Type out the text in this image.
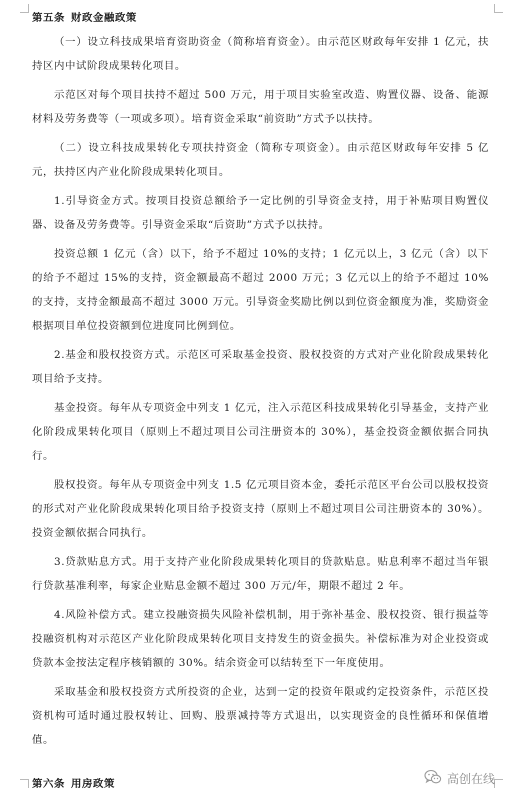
第五条 财政金融政策

（一）设立科技成果培育资助资金（简称培育资金）。由示范区财政每年安排 1 亿元，扶持区内中试阶段成果转化项目。

示范区对每个项目扶持不超过 500 万元，用于项目实验室改造、购置仪器、设备、能源材料及劳务费等（一项或多项）。培育资金采取“前资助”方式予以扶持。

（二）设立科技成果转化专项扶持资金（简称专项资金）。由示范区财政每年安排 5 亿元，扶持区内产业化阶段成果转化项目。

1.引导资金方式。按项目投资总额给予一定比例的引导资金支持，用于补贴项目购置仪器、设备及劳务费等。引导资金采取“后资助”方式予以扶持。

投资总额 1 亿元（含）以下，给予不超过 10%的支持；1 亿元以上，3 亿元（含）以下的给予不超过 15%的支持，资金额最高不超过 2000 万元；3 亿元以上的给予不超过 10%的支持，支持金额最高不超过 3000 万元。引导资金奖励比例以到位资金额度为准，奖励资金根据项目单位投资额到位进度同比例到位。

2.基金和股权投资方式。示范区可采取基金投资、股权投资的方式对产业化阶段成果转化项目给予支持。

基金投资。每年从专项资金中列支 1 亿元，注入示范区科技成果转化引导基金，支持产业化阶段成果转化项目（原则上不超过项目公司注册资本的 30%），基金投资金额依据合同执行。

股权投资。每年从专项资金中列支 1.5 亿元项目资本金，委托示范区平台公司以股权投资的形式对产业化阶段成果转化项目给予投资支持（原则上不超过项目公司注册资本的 30%）。投资金额依据合同执行。

3.贷款贴息方式。用于支持产业化阶段成果转化项目的贷款贴息。贴息利率不超过当年银行贷款基准利率，每家企业贴息金额不超过 300 万元/年，期限不超过 2 年。

4.风险补偿方式。建立投融资损失风险补偿机制，用于弥补基金、股权投资、银行损益等投融资机构对示范区产业化阶段成果转化项目支持发生的资金损失。补偿标准为对企业投资或贷款本金按法定程序核销额的 30%。结余资金可以结转至下一年度使用。

采取基金和股权投资方式所投资的企业，达到一定的投资年限或约定投资条件，示范区投资机构可适时通过股权转让、回购、股票减持等方式退出，以实现资金的良性循环和保值增值。

第六条 用房政策	高创在线
